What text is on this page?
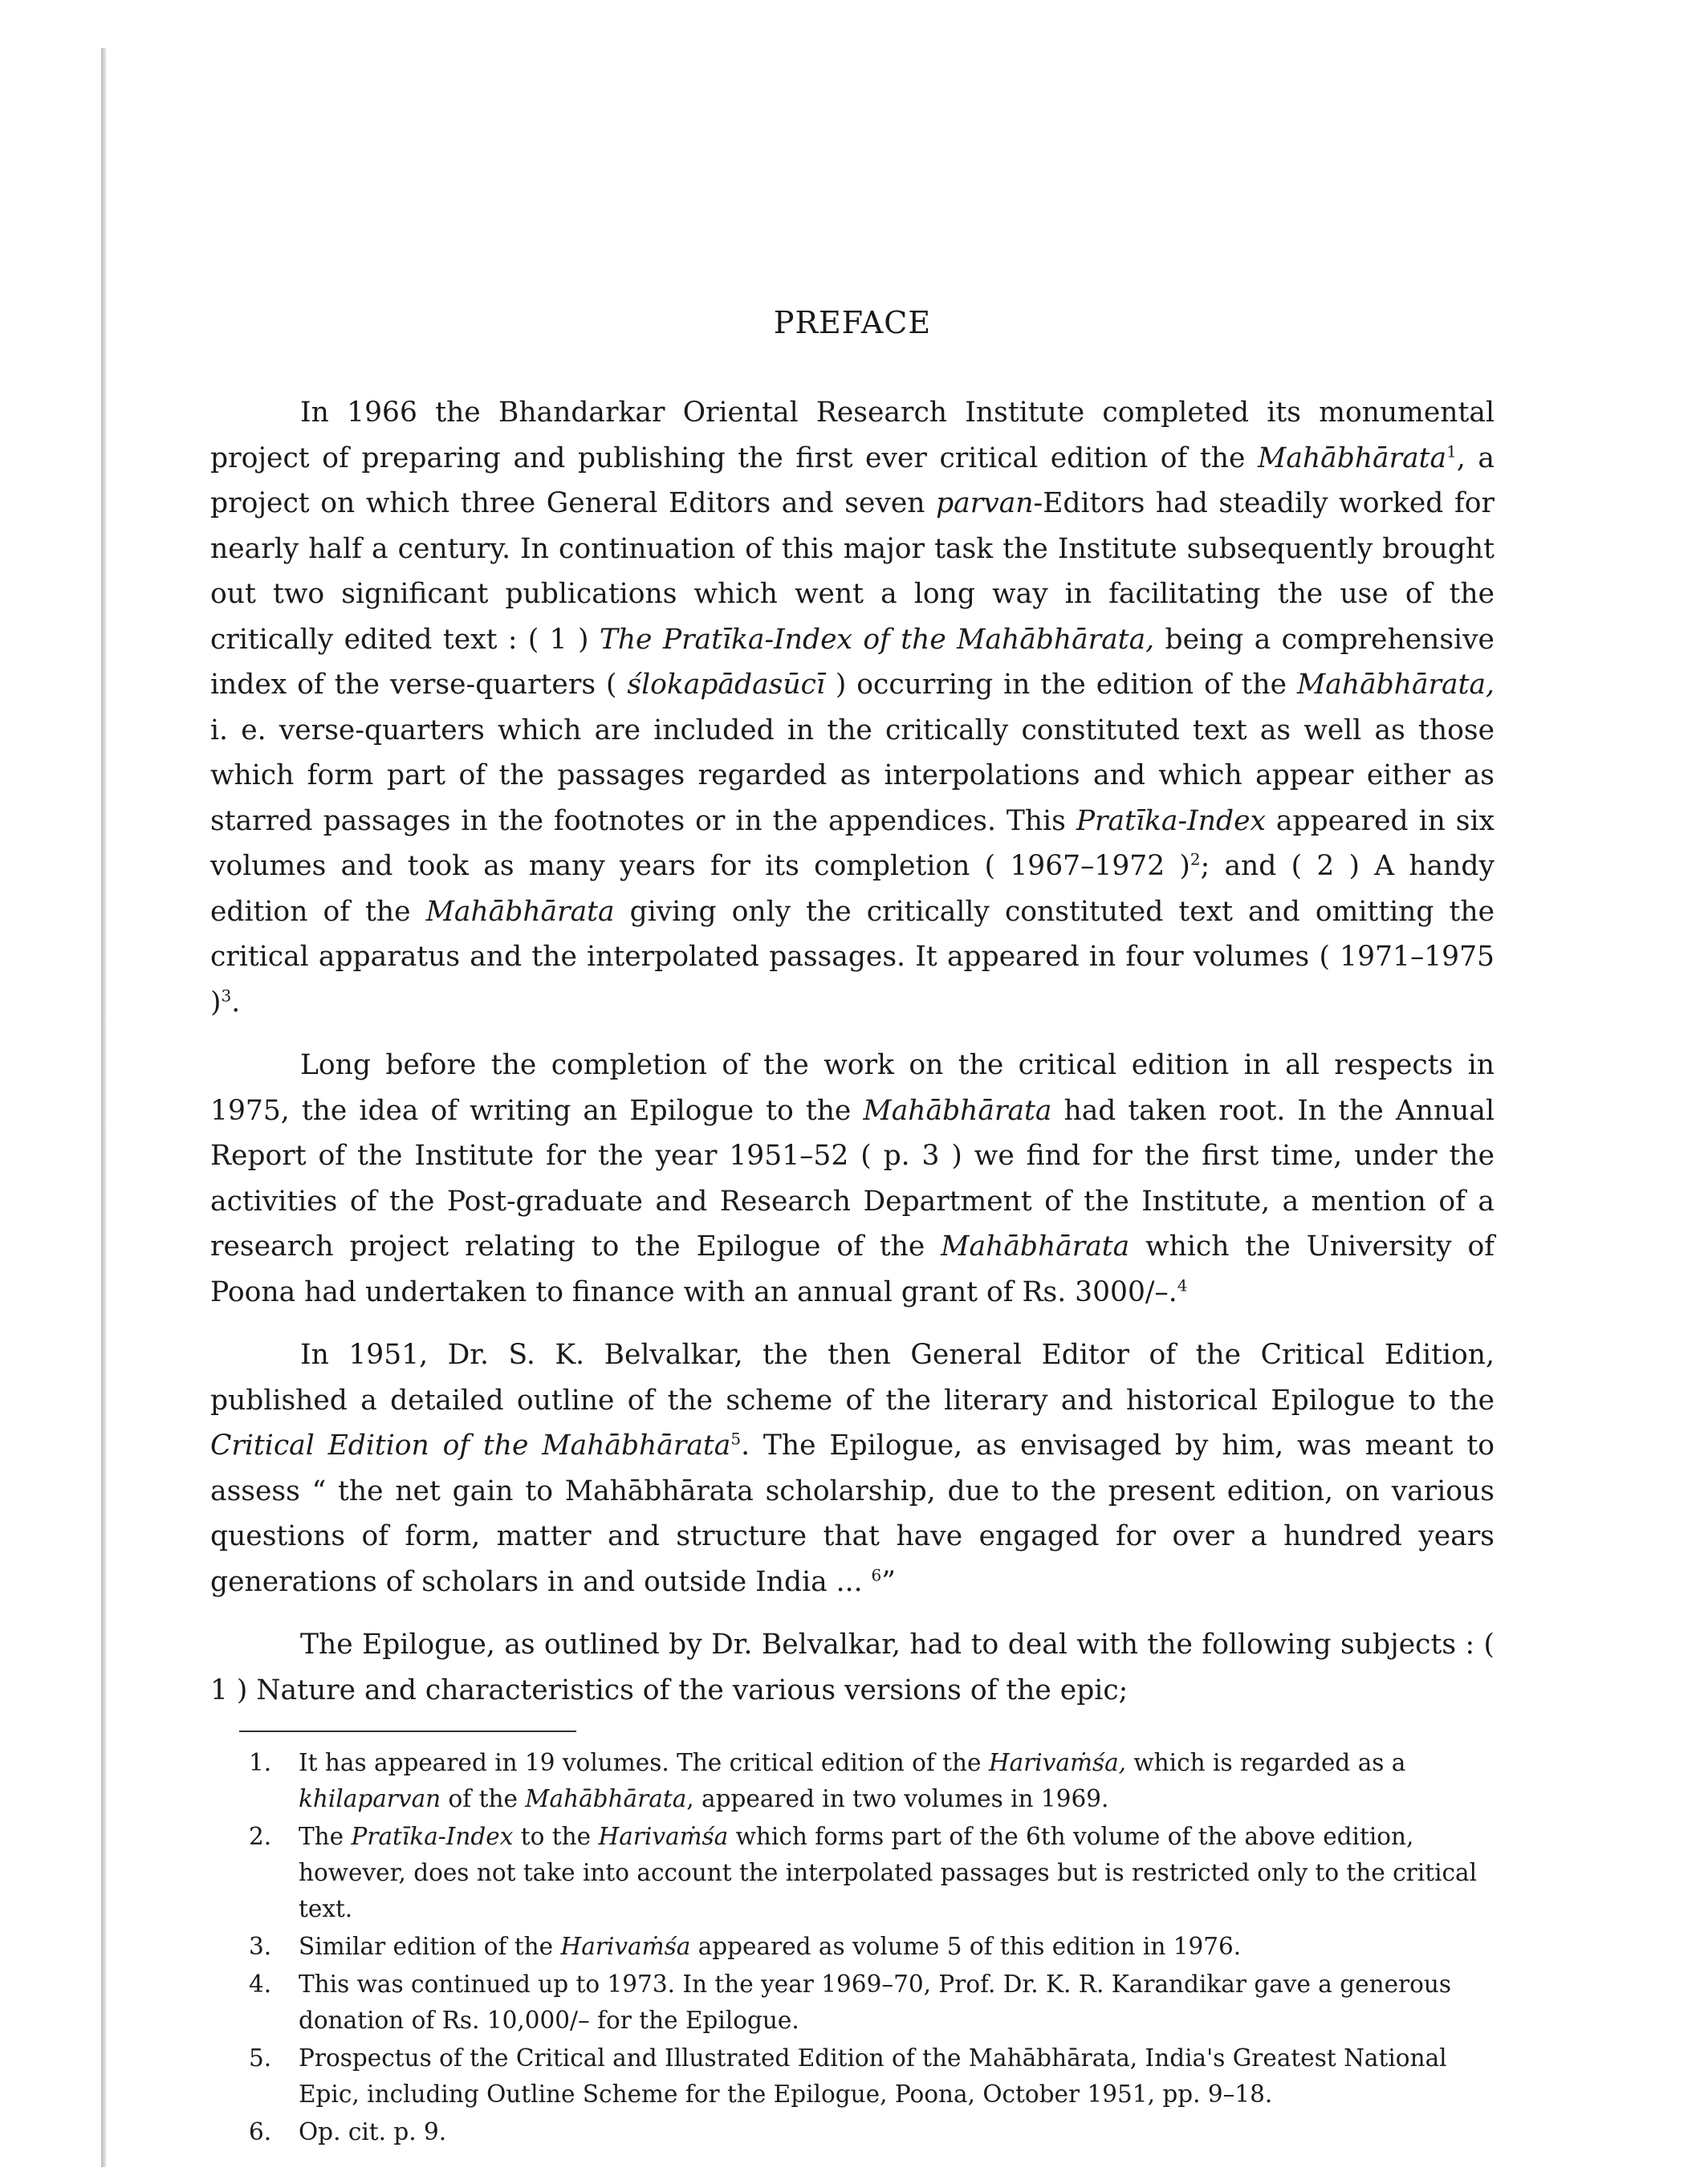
PREFACE

In 1966 the Bhandarkar Oriental Research Institute completed its monumental project of preparing and publishing the first ever critical edition of the Mahābhārata$^1$, a project on which three General Editors and seven parvan-Editors had steadily worked for nearly half a century. In continuation of this major task the Institute subsequently brought out two significant publications which went a long way in facilitating the use of the critically edited text : ( 1 ) The Pratīka-Index of the Mahābhārata, being a comprehensive index of the verse-quarters ( ślokapādasūcī ) occurring in the edition of the Mahābhārata, i. e. verse-quarters which are included in the critically constituted text as well as those which form part of the passages regarded as interpolations and which appear either as starred passages in the footnotes or in the appendices. This Pratīka-Index appeared in six volumes and took as many years for its completion ( 1967–1972 )$^2$; and ( 2 ) A handy edition of the Mahābhārata giving only the critically constituted text and omitting the critical apparatus and the interpolated passages. It appeared in four volumes ( 1971–1975 )$^3$.

Long before the completion of the work on the critical edition in all respects in 1975, the idea of writing an Epilogue to the Mahābhārata had taken root. In the Annual Report of the Institute for the year 1951–52 ( p. 3 ) we find for the first time, under the activities of the Post-graduate and Research Department of the Institute, a mention of a research project relating to the Epilogue of the Mahābhārata which the University of Poona had undertaken to finance with an annual grant of Rs. 3000/–.$^4$

In 1951, Dr. S. K. Belvalkar, the then General Editor of the Critical Edition, published a detailed outline of the scheme of the literary and historical Epilogue to the Critical Edition of the Mahābhārata$^5$. The Epilogue, as envisaged by him, was meant to assess “ the net gain to Mahābhārata scholarship, due to the present edition, on various questions of form, matter and structure that have engaged for over a hundred years generations of scholars in and outside India ... $^6$”

The Epilogue, as outlined by Dr. Belvalkar, had to deal with the following subjects : ( 1 ) Nature and characteristics of the various versions of the epic;

1. It has appeared in 19 volumes. The critical edition of the Harivaṁśa, which is regarded as a khilaparvan of the Mahābhārata, appeared in two volumes in 1969.
2. The Pratīka-Index to the Harivaṁśa which forms part of the 6th volume of the above edition, however, does not take into account the interpolated passages but is restricted only to the critical text.
3. Similar edition of the Harivaṁśa appeared as volume 5 of this edition in 1976.
4. This was continued up to 1973. In the year 1969–70, Prof. Dr. K. R. Karandikar gave a generous donation of Rs. 10,000/– for the Epilogue.
5. Prospectus of the Critical and Illustrated Edition of the Mahābhārata, India's Greatest National Epic, including Outline Scheme for the Epilogue, Poona, October 1951, pp. 9–18.
6. Op. cit. p. 9.
